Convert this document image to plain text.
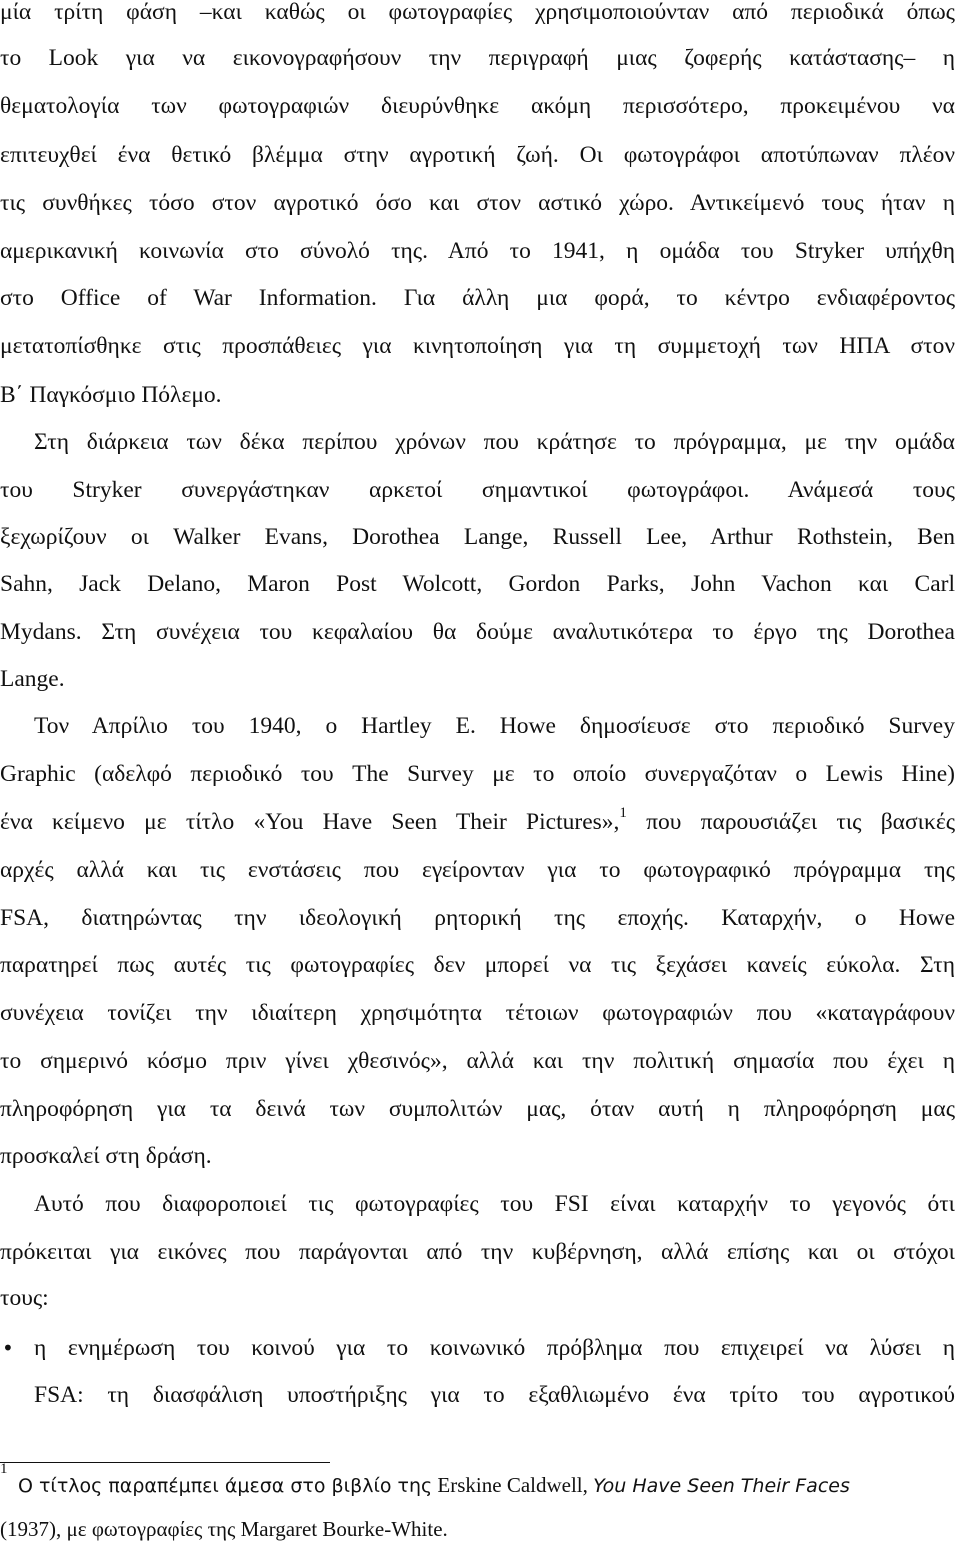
μία τρίτη φάση –και καθώς οι φωτογραφίες χρησιμοποιούνταν από περιοδικά όπως
το Look για να εικονογραφήσουν την περιγραφή μιας ζοφερής κατάστασης– η
θεματολογία των φωτογραφιών διευρύνθηκε ακόμη περισσότερο, προκειμένου να
επιτευχθεί ένα θετικό βλέμμα στην αγροτική ζωή. Οι φωτογράφοι αποτύπωναν πλέον
τις συνθήκες τόσο στον αγροτικό όσο και στον αστικό χώρο. Αντικείμενό τους ήταν η
αμερικανική κοινωνία στο σύνολό της. Από το 1941, η ομάδα του Stryker υπήχθη
στο Office of War Information. Για άλλη μια φορά, το κέντρο ενδιαφέροντος
μετατοπίσθηκε στις προσπάθειες για κινητοποίηση για τη συμμετοχή των ΗΠΑ στον
Β΄ Παγκόσμιο Πόλεμο.
Στη διάρκεια των δέκα περίπου χρόνων που κράτησε το πρόγραμμα, με την ομάδα
του Stryker συνεργάστηκαν αρκετοί σημαντικοί φωτογράφοι. Ανάμεσά τους
ξεχωρίζουν οι Walker Evans, Dorothea Lange, Russell Lee, Arthur Rothstein, Ben
Sahn, Jack Delano, Maron Post Wolcott, Gordon Parks, John Vachon και Carl
Mydans. Στη συνέχεια του κεφαλαίου θα δούμε αναλυτικότερα το έργο της Dorothea
Lange.
Τον Απρίλιο του 1940, ο Hartley E. Howe δημοσίευσε στο περιοδικό Survey
Graphic (αδελφό περιοδικό του The Survey με το οποίο συνεργαζόταν ο Lewis Hine)
ένα κείμενο με τίτλο «You Have Seen Their Pictures»,$^1$ που παρουσιάζει τις βασικές
αρχές αλλά και τις ενστάσεις που εγείρονταν για το φωτογραφικό πρόγραμμα της
FSA, διατηρώντας την ιδεολογική ρητορική της εποχής. Καταρχήν, ο Howe
παρατηρεί πως αυτές τις φωτογραφίες δεν μπορεί να τις ξεχάσει κανείς εύκολα. Στη
συνέχεια τονίζει την ιδιαίτερη χρησιμότητα τέτοιων φωτογραφιών που «καταγράφουν
το σημερινό κόσμο πριν γίνει χθεσινός», αλλά και την πολιτική σημασία που έχει η
πληροφόρηση για τα δεινά των συμπολιτών μας, όταν αυτή η πληροφόρηση μας
προσκαλεί στη δράση.
Αυτό που διαφοροποιεί τις φωτογραφίες του FSI είναι καταρχήν το γεγονός ότι
πρόκειται για εικόνες που παράγονται από την κυβέρνηση, αλλά επίσης και οι στόχοι
τους:
• η ενημέρωση του κοινού για το κοινωνικό πρόβλημα που επιχειρεί να λύσει η
FSA: τη διασφάλιση υποστήριξης για το εξαθλιωμένο ένα τρίτο του αγροτικού
1
Ο τίτλος παραπέμπει άμεσα στο βιβλίο της Erskine Caldwell, You Have Seen Their Faces
(1937), με φωτογραφίες της Margaret Bourke-White.
